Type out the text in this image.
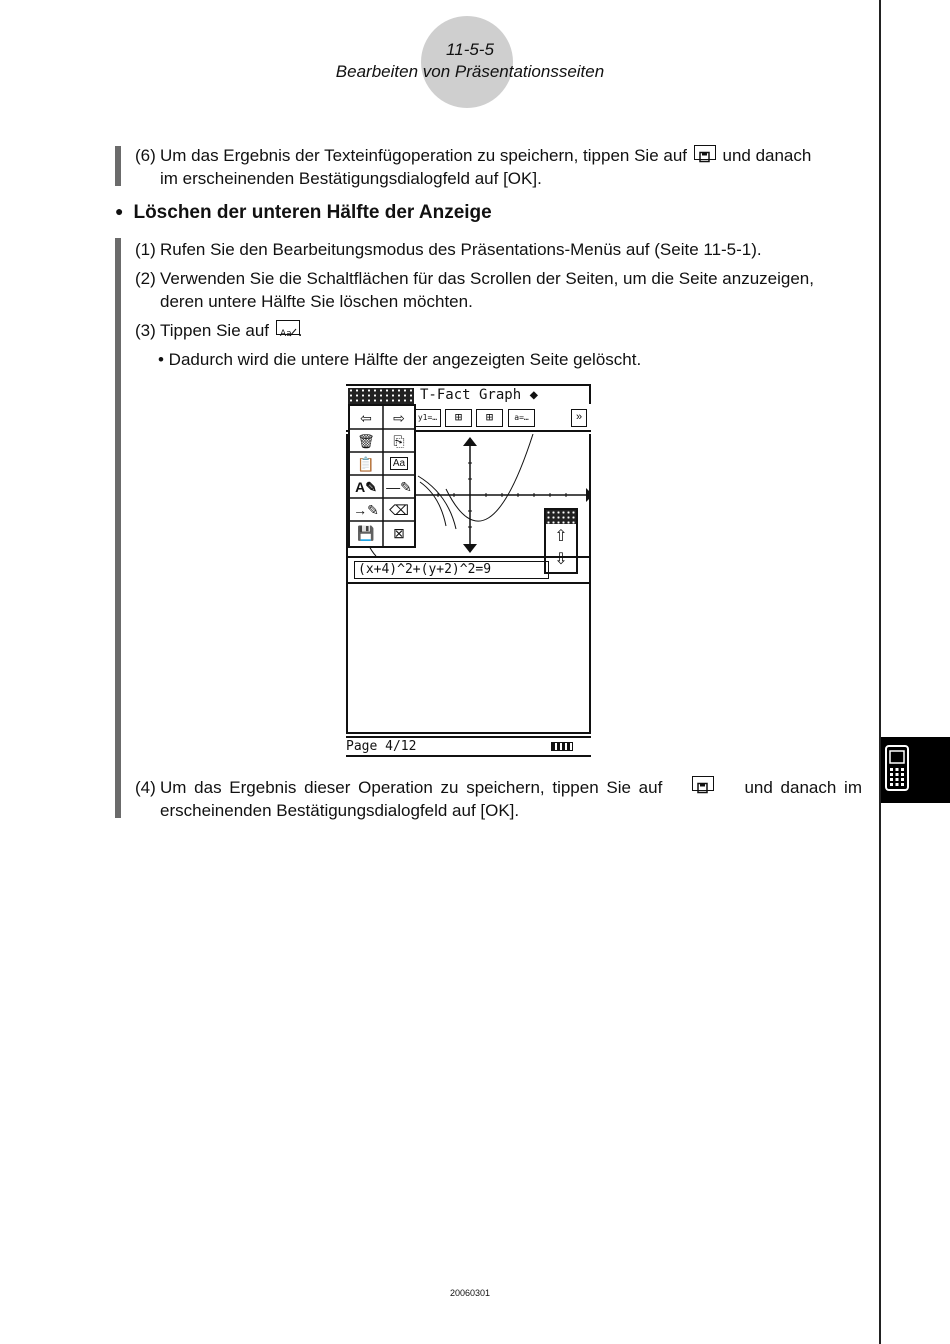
11-5-5
Bearbeiten von Präsentationsseiten
(6) Um das Ergebnis der Texteinfügoperation zu speichern, tippen Sie auf und danach
im erscheinenden Bestätigungsdialogfeld auf [OK].
● Löschen der unteren Hälfte der Anzeige
(1) Rufen Sie den Bearbeitungsmodus des Präsentations-Menüs auf (Seite 11-5-1).
(2) Verwenden Sie die Schaltflächen für das Scrollen der Seiten, um die Seite anzuzeigen,
deren untere Hälfte Sie löschen möchten.
(3) Tippen Sie auf Aa .
• Dadurch wird die untere Hälfte der angezeigten Seite gelöscht.
T-Fact Graph ◆
y1=…	⊞	⊞	a=…	»
⇦	⇨
🗑	⎘
📋	Aa
A✎ —✎
→✎ ⌫
💾	⊠	⇧
⇩
(x+4)^2+(y+2)^2=9
Page 4/12
(4) Um das Ergebnis dieser Operation zu speichern, tippen Sie auf	und danach im
erscheinenden Bestätigungsdialogfeld auf [OK].
20060301
